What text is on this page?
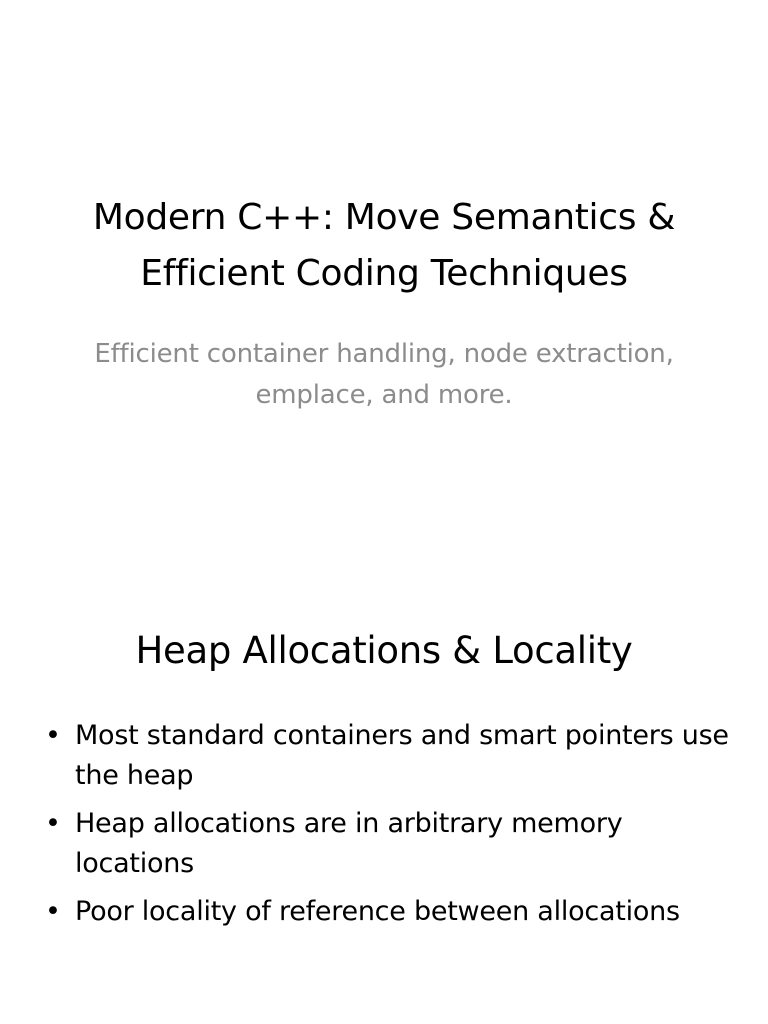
Modern C++: Move Semantics & Efficient Coding Techniques
Efficient container handling, node extraction, emplace, and more.
Heap Allocations & Locality
• Most standard containers and smart pointers use the heap
• Heap allocations are in arbitrary memory locations
• Poor locality of reference between allocations
